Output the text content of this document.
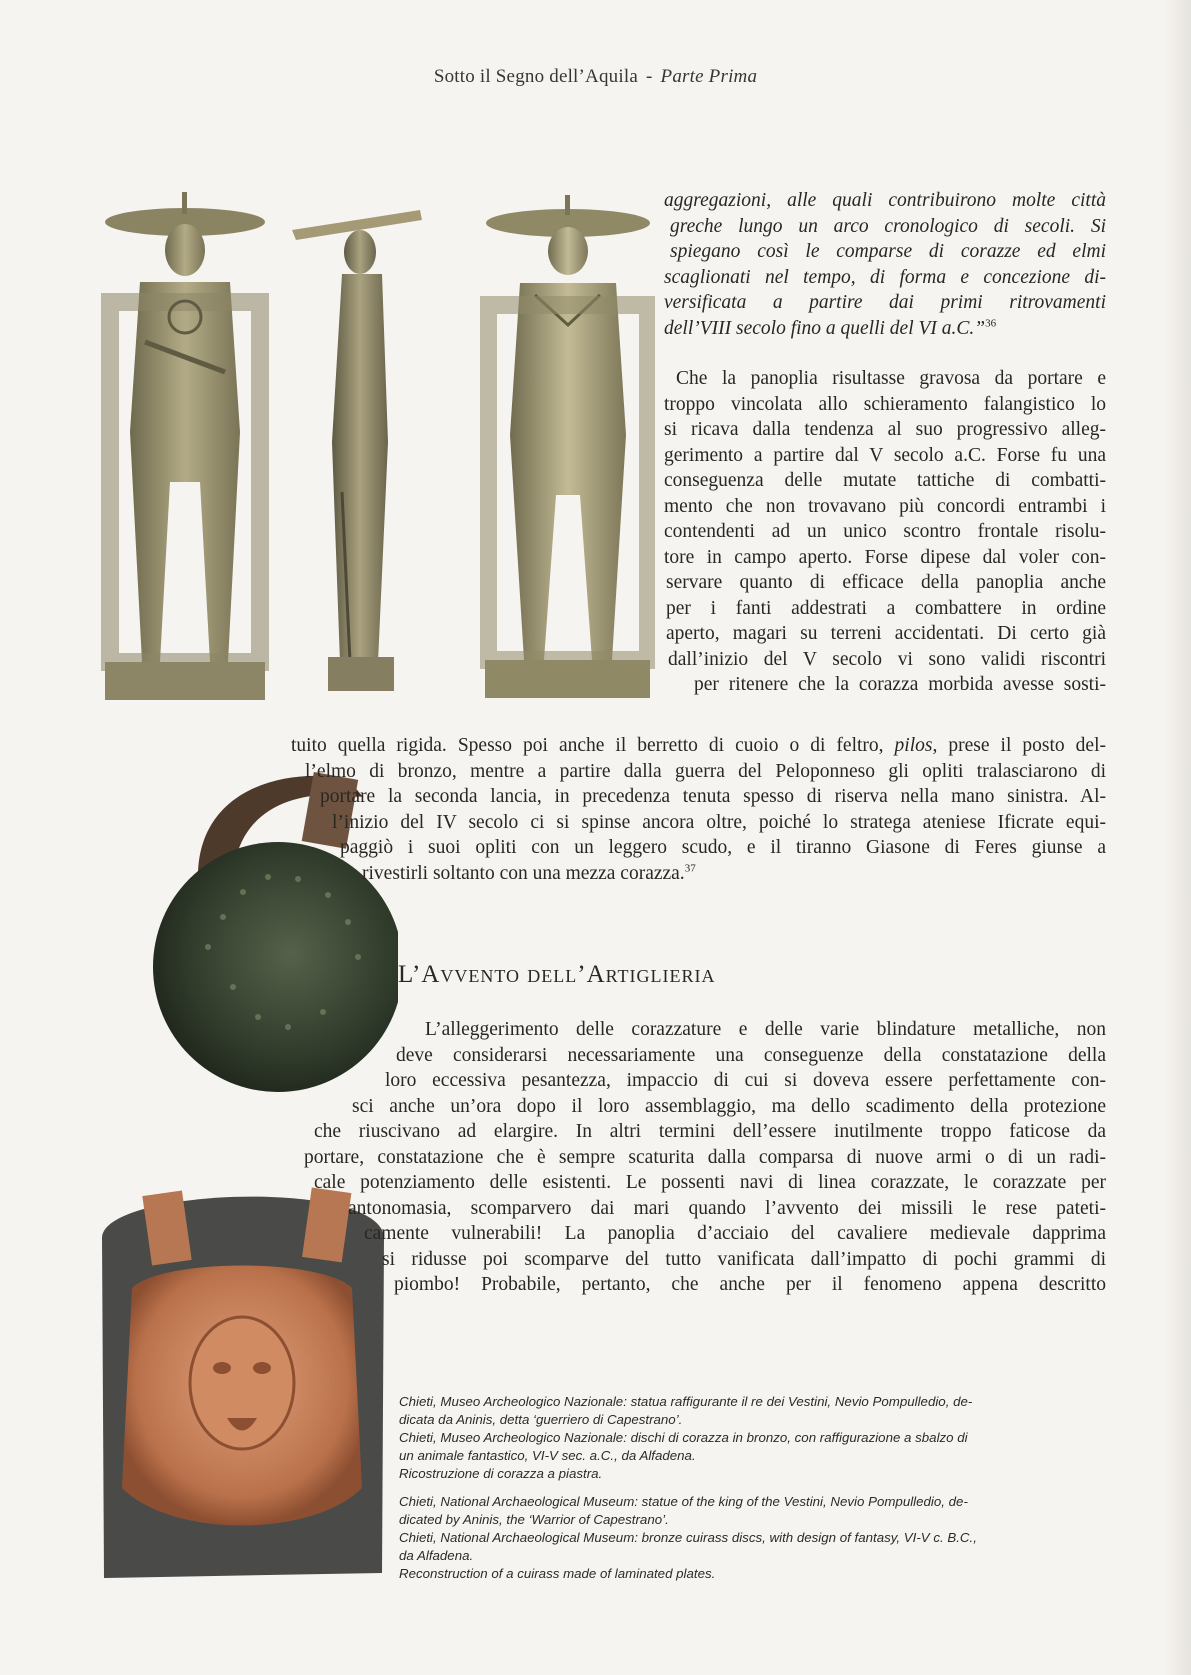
Sotto il Segno dell’Aquila - Parte Prima
aggregazioni, alle quali contribuirono molte città
greche lungo un arco cronologico di secoli. Si
spiegano così le comparse di corazze ed elmi
scaglionati nel tempo, di forma e concezione di-
versificata a partire dai primi ritrovamenti
dell’VIII secolo fino a quelli del VI a.C.”$^{36}$
Che la panoplia risultasse gravosa da portare e
troppo vincolata allo schieramento falangistico lo
si ricava dalla tendenza al suo progressivo alleg-
gerimento a partire dal V secolo a.C. Forse fu una
conseguenza delle mutate tattiche di combatti-
mento che non trovavano più concordi entrambi i
contendenti ad un unico scontro frontale risolu-
tore in campo aperto. Forse dipese dal voler con-
servare quanto di efficace della panoplia anche
per i fanti addestrati a combattere in ordine
aperto, magari su terreni accidentati. Di certo già
dall’inizio del V secolo vi sono validi riscontri
per ritenere che la corazza morbida avesse sosti-
tuito quella rigida. Spesso poi anche il berretto di cuoio o di feltro, pilos, prese il posto del-
l’elmo di bronzo, mentre a partire dalla guerra del Peloponneso gli opliti tralasciarono di
portare la seconda lancia, in precedenza tenuta spesso di riserva nella mano sinistra. Al-
l’inizio del IV secolo ci si spinse ancora oltre, poiché lo stratega ateniese Ificrate equi-
paggiò i suoi opliti con un leggero scudo, e il tiranno Giasone di Feres giunse a
rivestirli soltanto con una mezza corazza.$^{37}$
L’Avvento dell’Artiglieria
L’alleggerimento delle corazzature e delle varie blindature metalliche, non
deve considerarsi necessariamente una conseguenze della constatazione della
loro eccessiva pesantezza, impaccio di cui si doveva essere perfettamente con-
sci anche un’ora dopo il loro assemblaggio, ma dello scadimento della protezione
che riuscivano ad elargire. In altri termini dell’essere inutilmente troppo faticose da
portare, constatazione che è sempre scaturita dalla comparsa di nuove armi o di un radi-
cale potenziamento delle esistenti. Le possenti navi di linea corazzate, le corazzate per
antonomasia, scomparvero dai mari quando l’avvento dei missili le rese pateti-
camente vulnerabili! La panoplia d’acciaio del cavaliere medievale dapprima
si ridusse poi scomparve del tutto vanificata dall’impatto di pochi grammi di
piombo! Probabile, pertanto, che anche per il fenomeno appena descritto

Chieti, Museo Archeologico Nazionale: statua raffigurante il re dei Vestini, Nevio Pompulledio, de-

dicata da Aninis, detta ‘guerriero di Capestrano’.

Chieti, Museo Archeologico Nazionale: dischi di corazza in bronzo, con raffigurazione a sbalzo di

un animale fantastico, VI-V sec. a.C., da Alfadena.

Ricostruzione di corazza a piastra.

Chieti, National Archaeological Museum: statue of the king of the Vestini, Nevio Pompulledio, de-

dicated by Aninis, the ‘Warrior of Capestrano’.

Chieti, National Archaeological Museum: bronze cuirass discs, with design of fantasy, VI-V c. B.C.,

da Alfadena.

Reconstruction of a cuirass made of laminated plates.
